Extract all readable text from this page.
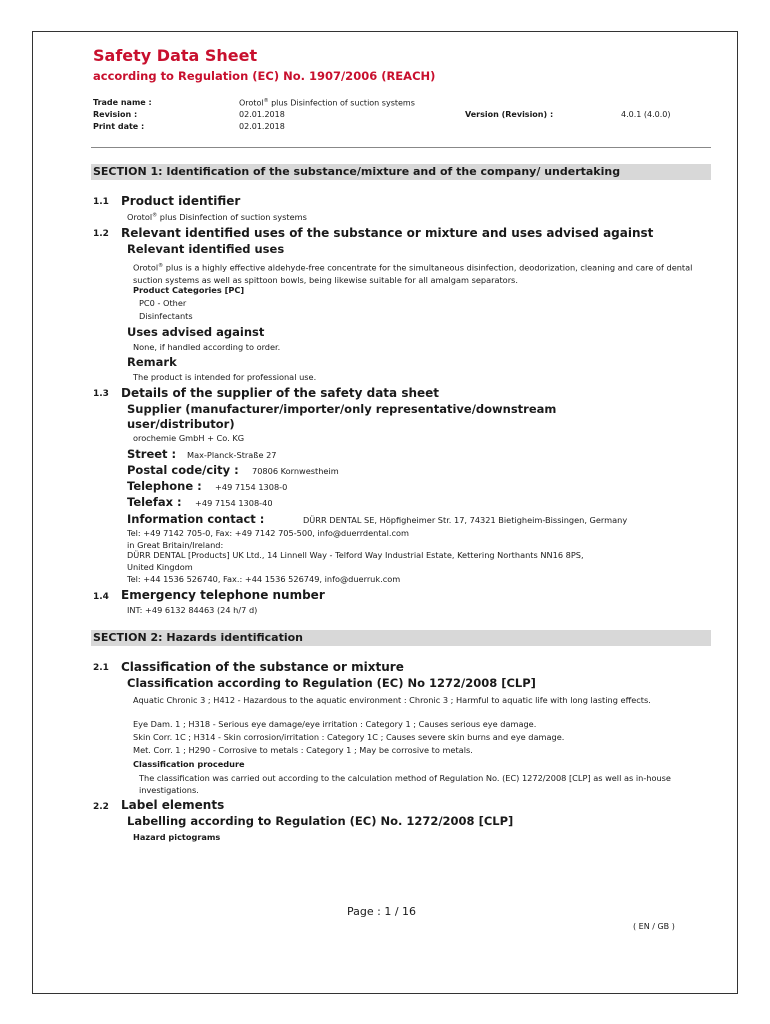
Safety Data Sheet
according to Regulation (EC) No. 1907/2006 (REACH)
Trade name :	Orotol® plus Disinfection of suction systems
Revision :	02.01.2018	Version (Revision) :	4.0.1 (4.0.0)
Print date :	02.01.2018
SECTION 1: Identification of the substance/mixture and of the company/ undertaking
1.1 Product identifier
Orotol® plus Disinfection of suction systems
1.2 Relevant identified uses of the substance or mixture and uses advised against
Relevant identified uses
Orotol® plus is a highly effective aldehyde-free concentrate for the simultaneous disinfection, deodorization, cleaning and care of dental suction systems as well as spittoon bowls, being likewise suitable for all amalgam separators.
Product Categories [PC]
PC0 - Other
Disinfectants
Uses advised against
None, if handled according to order.
Remark
The product is intended for professional use.
1.3 Details of the supplier of the safety data sheet
Supplier (manufacturer/importer/only representative/downstream
user/distributor)
orochemie GmbH + Co. KG
Street : Max-Planck-Straße 27
Postal code/city : 70806 Kornwestheim
Telephone : +49 7154 1308-0
Telefax : +49 7154 1308-40
Information contact :	DÜRR DENTAL SE, Höpfigheimer Str. 17, 74321 Bietigheim-Bissingen, Germany
Tel: +49 7142 705-0, Fax: +49 7142 705-500, info@duerrdental.com
in Great Britain/Ireland:
DÜRR DENTAL [Products] UK Ltd., 14 Linnell Way - Telford Way Industrial Estate, Kettering Northants NN16 8PS,
United Kingdom
Tel: +44 1536 526740, Fax.: +44 1536 526749, info@duerruk.com
1.4 Emergency telephone number
INT: +49 6132 84463 (24 h/7 d)
SECTION 2: Hazards identification
2.1 Classification of the substance or mixture
Classification according to Regulation (EC) No 1272/2008 [CLP]
Aquatic Chronic 3 ; H412 - Hazardous to the aquatic environment : Chronic 3 ; Harmful to aquatic life with long lasting effects.
Eye Dam. 1 ; H318 - Serious eye damage/eye irritation : Category 1 ; Causes serious eye damage.
Skin Corr. 1C ; H314 - Skin corrosion/irritation : Category 1C ; Causes severe skin burns and eye damage.
Met. Corr. 1 ; H290 - Corrosive to metals : Category 1 ; May be corrosive to metals.
Classification procedure
The classification was carried out according to the calculation method of Regulation No. (EC) 1272/2008 [CLP] as well as in-house investigations.
2.2 Label elements
Labelling according to Regulation (EC) No. 1272/2008 [CLP]
Hazard pictograms
Page : 1 / 16
( EN / GB )
